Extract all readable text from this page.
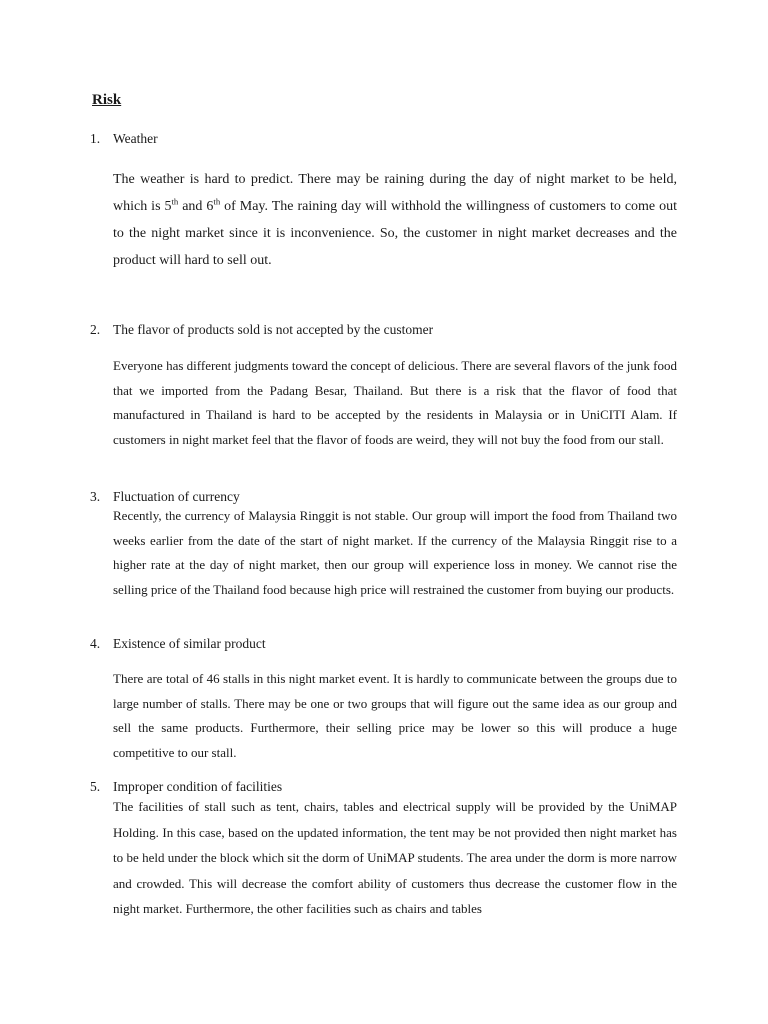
Risk
1. Weather

The weather is hard to predict. There may be raining during the day of night market to be held, which is 5th and 6th of May. The raining day will withhold the willingness of customers to come out to the night market since it is inconvenience. So, the customer in night market decreases and the product will hard to sell out.

2. The flavor of products sold is not accepted by the customer

Everyone has different judgments toward the concept of delicious. There are several flavors of the junk food that we imported from the Padang Besar, Thailand. But there is a risk that the flavor of food that manufactured in Thailand is hard to be accepted by the residents in Malaysia or in UniCITI Alam. If customers in night market feel that the flavor of foods are weird, they will not buy the food from our stall.

3. Fluctuation of currency

Recently, the currency of Malaysia Ringgit is not stable. Our group will import the food from Thailand two weeks earlier from the date of the start of night market. If the currency of the Malaysia Ringgit rise to a higher rate at the day of night market, then our group will experience loss in money. We cannot rise the selling price of the Thailand food because high price will restrained the customer from buying our products.

4. Existence of similar product

There are total of 46 stalls in this night market event. It is hardly to communicate between the groups due to large number of stalls. There may be one or two groups that will figure out the same idea as our group and sell the same products. Furthermore, their selling price may be lower so this will produce a huge competitive to our stall.

5. Improper condition of facilities

The facilities of stall such as tent, chairs, tables and electrical supply will be provided by the UniMAP Holding. In this case, based on the updated information, the tent may be not provided then night market has to be held under the block which sit the dorm of UniMAP students. The area under the dorm is more narrow and crowded. This will decrease the comfort ability of customers thus decrease the customer flow in the night market. Furthermore, the other facilities such as chairs and tables
